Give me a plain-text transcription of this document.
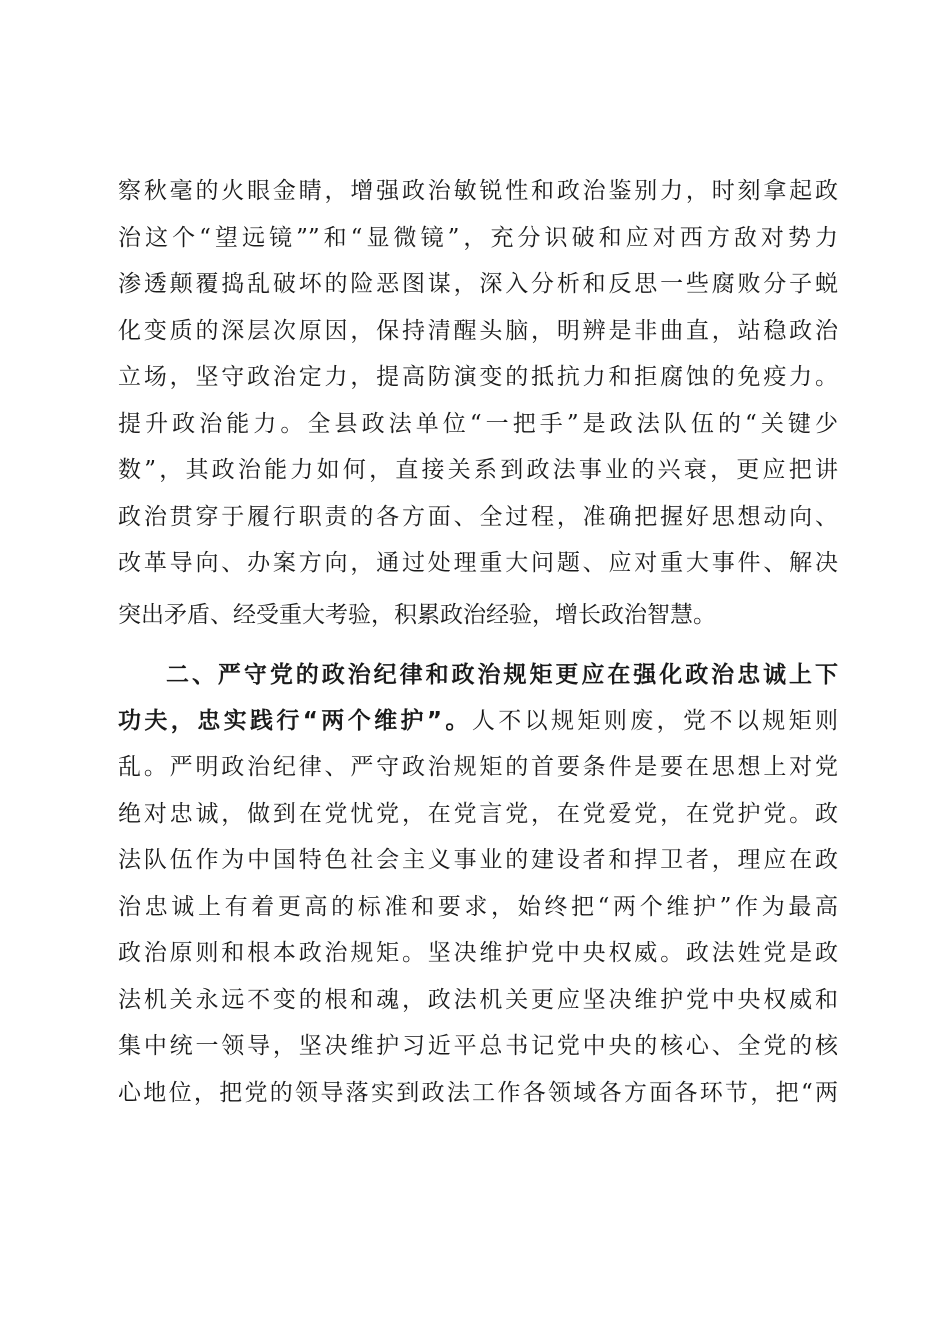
察秋毫的火眼金睛，增强政治敏锐性和政治鉴别力，时刻拿起政
治这个“望远镜””和“显微镜”，充分识破和应对西方敌对势力
渗透颠覆捣乱破坏的险恶图谋，深入分析和反思一些腐败分子蜕
化变质的深层次原因，保持清醒头脑，明辨是非曲直，站稳政治
立场，坚守政治定力，提高防演变的抵抗力和拒腐蚀的免疫力。
提升政治能力。全县政法单位“一把手”是政法队伍的“关键少
数”，其政治能力如何，直接关系到政法事业的兴衰，更应把讲
政治贯穿于履行职责的各方面、全过程，准确把握好思想动向、
改革导向、办案方向，通过处理重大问题、应对重大事件、解决
突出矛盾、经受重大考验，积累政治经验，增长政治智慧。
二、严守党的政治纪律和政治规矩更应在强化政治忠诚上下
功夫，忠实践行“两个维护”。人不以规矩则废，党不以规矩则
乱。严明政治纪律、严守政治规矩的首要条件是要在思想上对党
绝对忠诚，做到在党忧党，在党言党，在党爱党，在党护党。政
法队伍作为中国特色社会主义事业的建设者和捍卫者，理应在政
治忠诚上有着更高的标准和要求，始终把“两个维护”作为最高
政治原则和根本政治规矩。坚决维护党中央权威。政法姓党是政
法机关永远不变的根和魂，政法机关更应坚决维护党中央权威和
集中统一领导，坚决维护习近平总书记党中央的核心、全党的核
心地位，把党的领导落实到政法工作各领域各方面各环节，把“两
